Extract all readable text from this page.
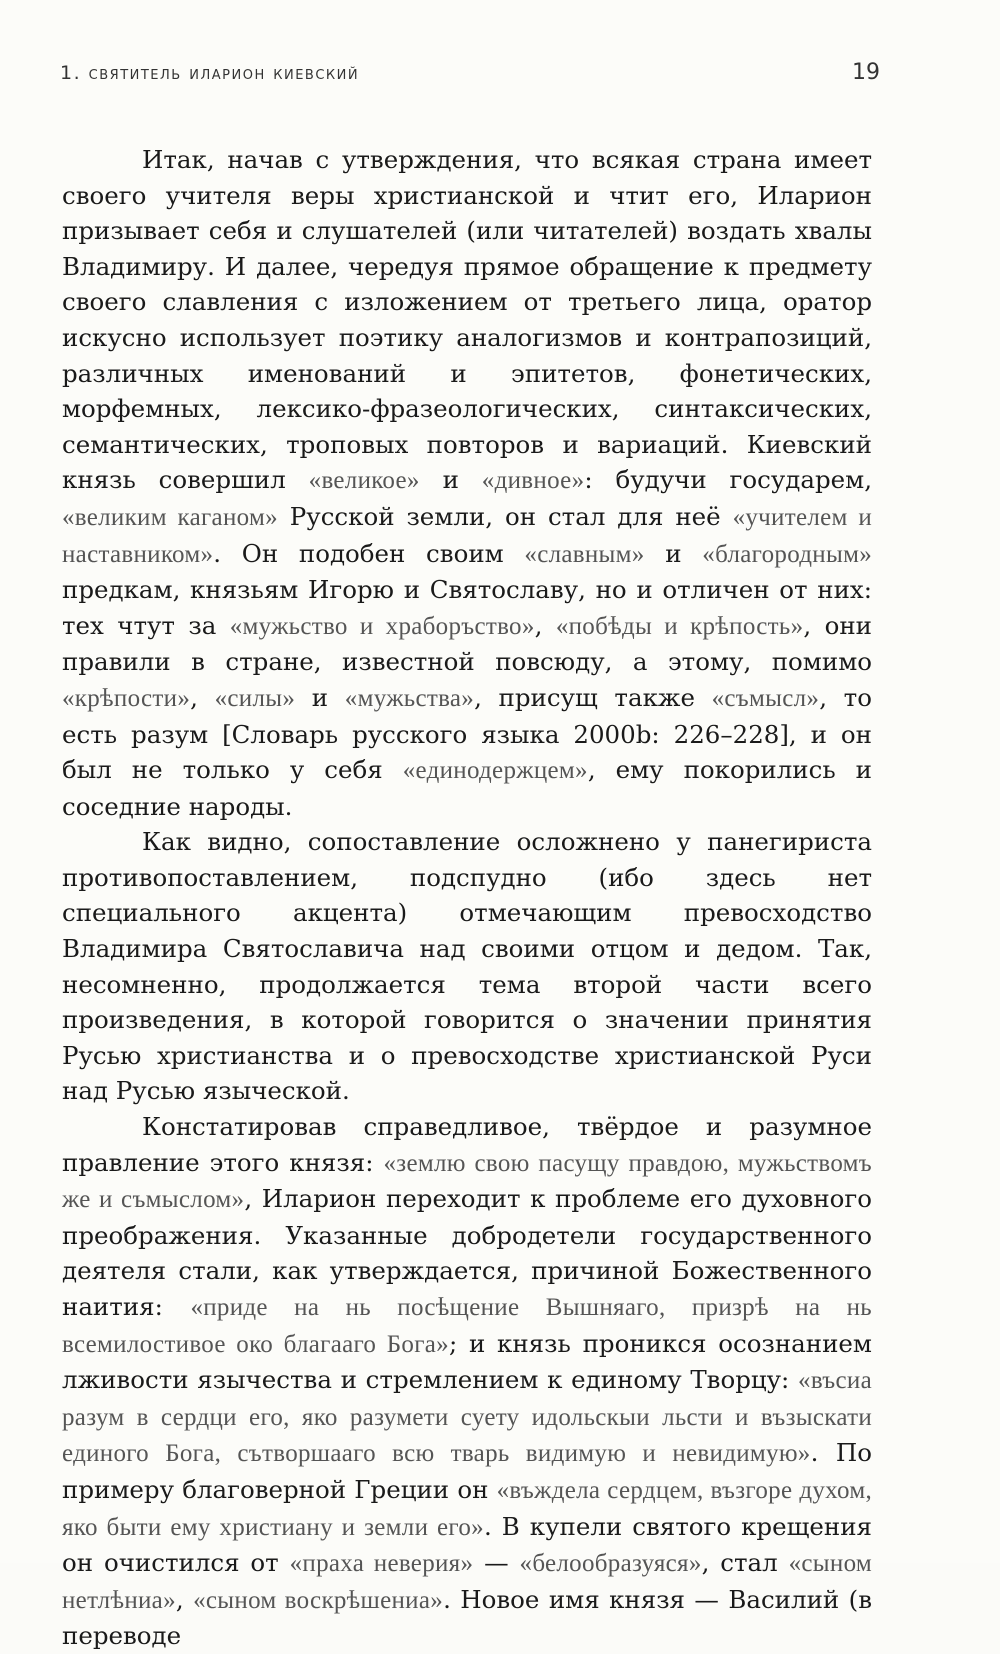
1. святитель иларион киевский	19

Итак, начав с утверждения, что всякая страна имеет своего учителя веры христианской и чтит его, Иларион призывает себя и слушателей (или читателей) воздать хвалы Владимиру. И далее, чередуя прямое обращение к предмету своего славления с изложением от третьего лица, оратор искусно использует поэтику аналогизмов и контрапозиций, различных именований и эпитетов, фонетических, морфемных, лексико-фразеологических, синтаксических, семантических, троповых повторов и вариаций. Киевский князь совершил «великое» и «дивное»: будучи государем, «великим каганом» Русской земли, он стал для неё «учителем и наставником». Он подобен своим «славным» и «благородным» предкам, князьям Игорю и Святославу, но и отличен от них: тех чтут за «мужьство и храборъство», «побѣды и крѣпость», они правили в стране, известной повсюду, а этому, помимо «крѣпости», «силы» и «мужьства», присущ также «съмысл», то есть разум [Словарь русского языка 2000b: 226–228], и он был не только у себя «единодержцем», ему покорились и соседние народы.

Как видно, сопоставление осложнено у панегириста противопоставлением, подспудно (ибо здесь нет специального акцента) отмечающим превосходство Владимира Святославича над своими отцом и дедом. Так, несомненно, продолжается тема второй части всего произведения, в которой говорится о значении принятия Русью христианства и о превосходстве христианской Руси над Русью языческой.

Констатировав справедливое, твёрдое и разумное правление этого князя: «землю свою пасущу правдою, мужьствомъ же и съмыслом», Иларион переходит к проблеме его духовного преображения. Указанные добродетели государственного деятеля стали, как утверждается, причиной Божественного наития: «приде на нь посѣщение Вышняаго, призрѣ на нь всемилостивое око благааго Бога»; и князь проникся осознанием лживости язычества и стремлением к единому Творцу: «въсиа разум в сердци его, яко разумети суету идольскыи льсти и възыскати единого Бога, сътворшааго всю тварь видимую и невидимую». По примеру благоверной Греции он «въждела сердцем, възгоре духом, яко быти ему христиану и земли его». В купели святого крещения он очистился от «праха неверия» — «белообразуяся», стал «сыном нетлѣниа», «сыном воскрѣшениа». Новое имя князя — Василий (в переводе
